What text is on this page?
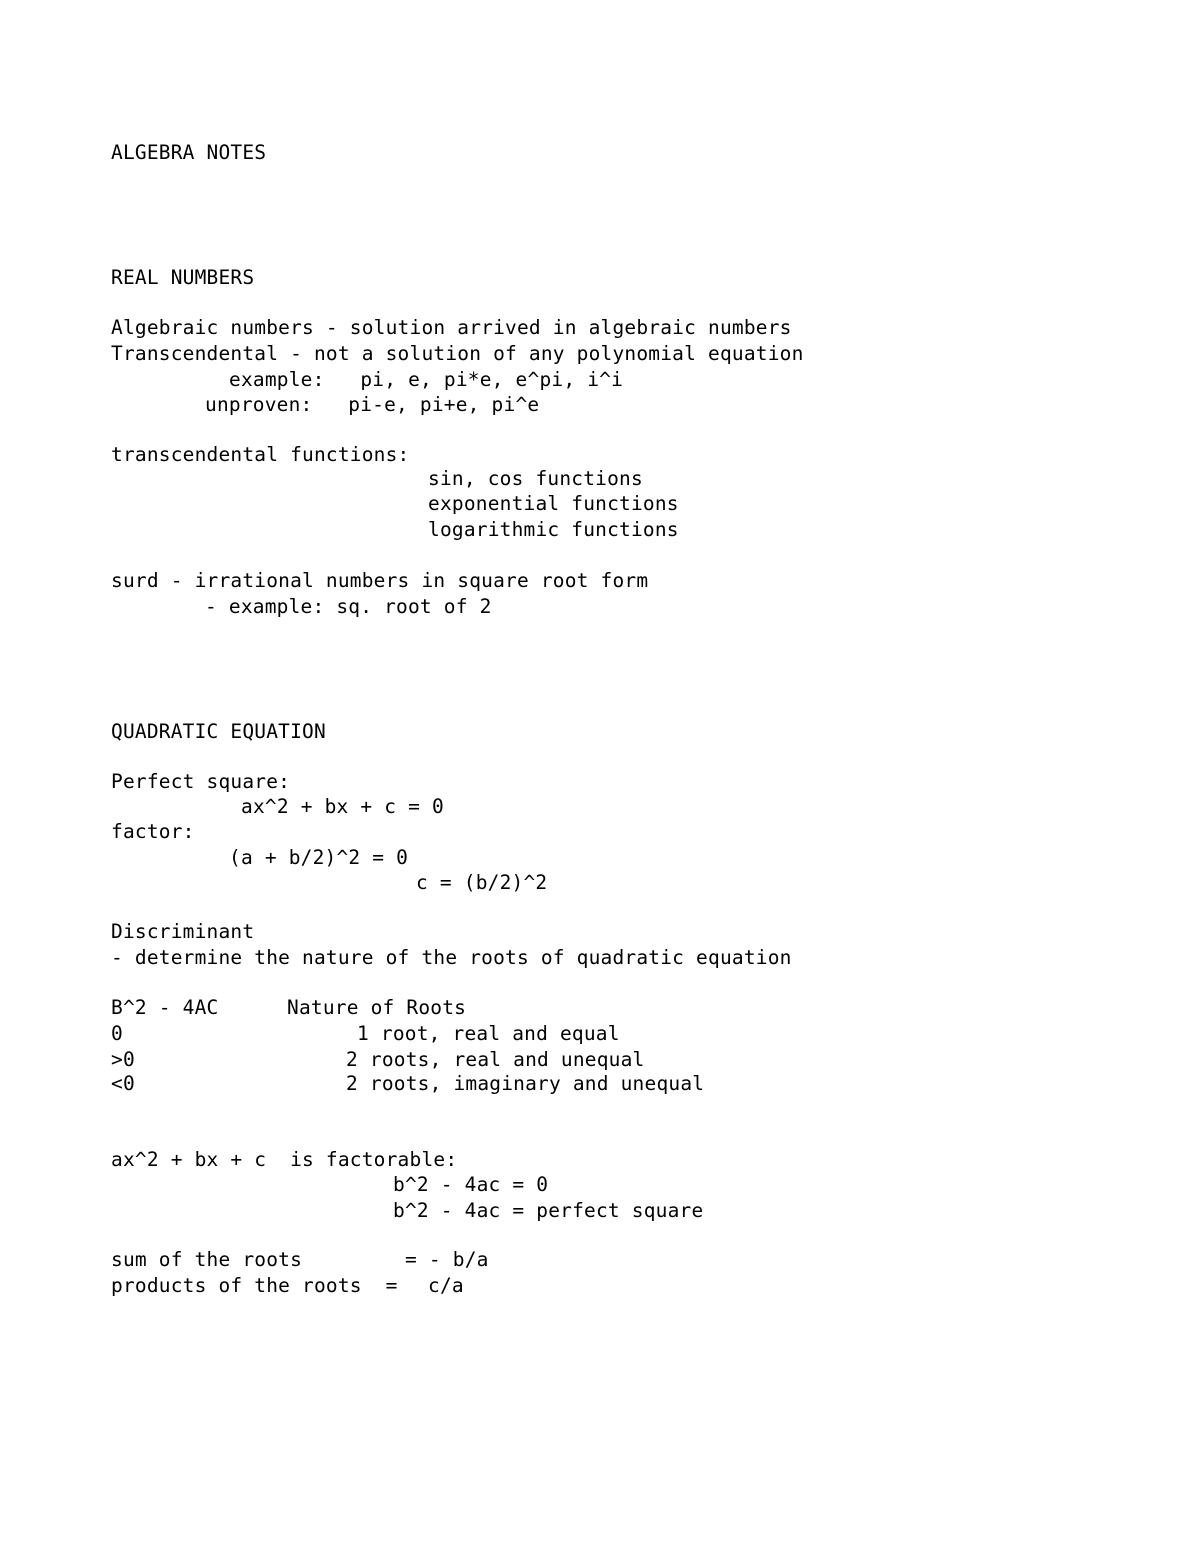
ALGEBRA NOTES
REAL NUMBERS
Algebraic numbers - solution arrived in algebraic numbers
Transcendental - not a solution of any polynomial equation
example:   pi, e, pi*e, e^pi, i^i
unproven:   pi-e, pi+e, pi^e
transcendental functions:
sin, cos functions
exponential functions
logarithmic functions
surd - irrational numbers in square root form
- example: sq. root of 2
QUADRATIC EQUATION
Perfect square:
ax^2 + bx + c = 0
factor:
(a + b/2)^2 = 0
c = (b/2)^2
Discriminant
- determine the nature of the roots of quadratic equation
B^2 - 4AC	Nature of Roots
0	1 root, real and equal
>0	2 roots, real and unequal
<0	2 roots, imaginary and unequal
ax^2 + bx + c  is factorable:
b^2 - 4ac = 0
b^2 - 4ac = perfect square
sum of the roots	= - b/a
products of the roots  = c/a
